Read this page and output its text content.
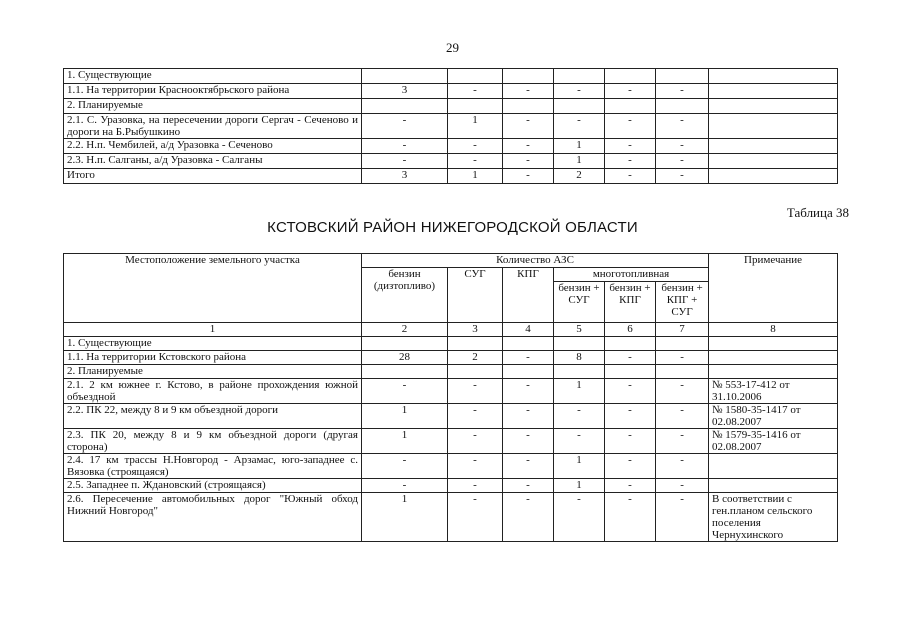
29
1. Существующие							
1.1. На территории Краснооктябрьского района	3	-	-	-	-	-	
2. Планируемые							
2.1. С. Уразовка, на пересечении дороги Сергач - Сеченово и дороги на Б.Рыбушкино	-	1	-	-	-	-	
2.2. Н.п. Чембилей, а/д Уразовка - Сеченово	-	-	-	1	-	-	
2.3. Н.п. Салганы, а/д Уразовка - Салганы	-	-	-	1	-	-	
Итого	3	1	-	2	-	-	
Таблица 38
КСТОВСКИЙ РАЙОН НИЖЕГОРОДСКОЙ ОБЛАСТИ
Местоположение земельного участка	Количество АЗС						Примечание
	бензин (дизтопливо)	СУГ	КПГ	многотопливная			
				бензин + СУГ	бензин + КПГ	бензин + КПГ + СУГ	
1	2	3	4	5	6	7	8
1. Существующие							
1.1. На территории Кстовского района	28	2	-	8	-	-	
2. Планируемые							
2.1. 2 км южнее г. Кстово, в районе прохождения южной объездной	-	-	-	1	-	-	№ 553-17-412 от 31.10.2006
2.2. ПК 22, между 8 и 9 км объездной дороги	1	-	-	-	-	-	№ 1580-35-1417 от 02.08.2007
2.3. ПК 20, между 8 и 9 км объездной дороги (другая сторона)	1	-	-	-	-	-	№ 1579-35-1416 от 02.08.2007
2.4. 17 км трассы Н.Новгород - Арзамас, юго-западнее с. Вязовка (строящаяся)	-	-	-	1	-	-	
2.5. Западнее п. Ждановский (строящаяся)	-	-	-	1	-	-	
2.6. Пересечение автомобильных дорог "Южный обход Нижний Новгород"	1	-	-	-	-	-	В соответствии с ген.планом сельского поселения Чернухинского
